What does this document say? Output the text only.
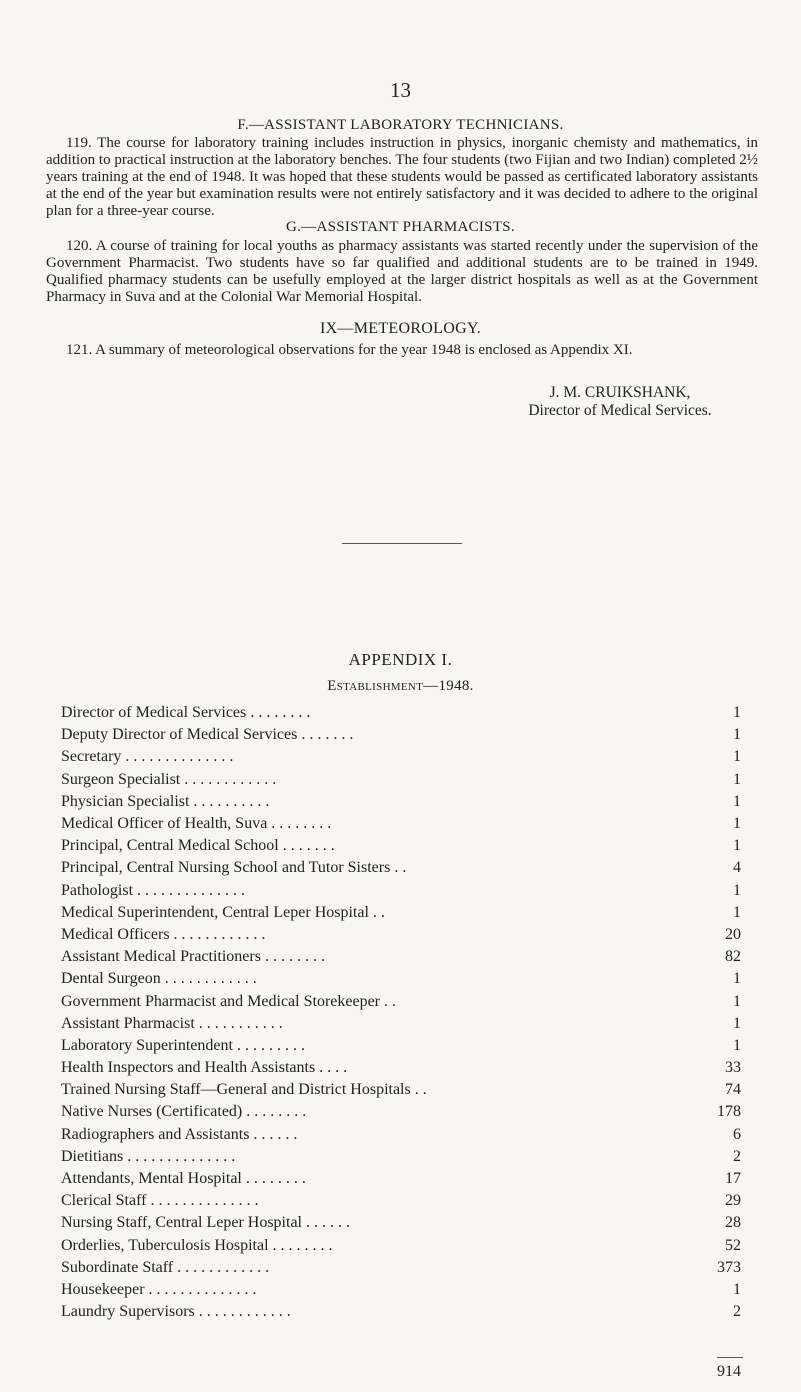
13
F.—ASSISTANT LABORATORY TECHNICIANS.

119. The course for laboratory training includes instruction in physics, inorganic chemisty and mathematics, in addition to practical instruction at the laboratory benches. The four students (two Fijian and two Indian) completed 2½ years training at the end of 1948. It was hoped that these students would be passed as certificated laboratory assistants at the end of the year but examination results were not entirely satisfactory and it was decided to adhere to the original plan for a three-year course.

G.—ASSISTANT PHARMACISTS.

120. A course of training for local youths as pharmacy assistants was started recently under the supervision of the Government Pharmacist. Two students have so far qualified and additional students are to be trained in 1949. Qualified pharmacy students can be usefully employed at the larger district hospitals as well as at the Government Pharmacy in Suva and at the Colonial War Memorial Hospital.

IX—METEOROLOGY.

121. A summary of meteorological observations for the year 1948 is enclosed as Appendix XI.

J. M. CRUIKSHANK,
Director of Medical Services.
APPENDIX I.
Establishment—1948.
Director of Medical Services . . . . . . . .	1
Deputy Director of Medical Services . . . . . . .	1
Secretary . . . . . . . . . . . . . .	1
Surgeon Specialist . . . . . . . . . . . .	1
Physician Specialist . . . . . . . . . .	1
Medical Officer of Health, Suva . . . . . . . .	1
Principal, Central Medical School . . . . . . .	1
Principal, Central Nursing School and Tutor Sisters . .	4
Pathologist . . . . . . . . . . . . . .	1
Medical Superintendent, Central Leper Hospital . .	1
Medical Officers . . . . . . . . . . . .	20
Assistant Medical Practitioners . . . . . . . .	82
Dental Surgeon . . . . . . . . . . . .	1
Government Pharmacist and Medical Storekeeper . .	1
Assistant Pharmacist . . . . . . . . . . .	1
Laboratory Superintendent . . . . . . . . .	1
Health Inspectors and Health Assistants . . . .	33
Trained Nursing Staff—General and District Hospitals . .	74
Native Nurses (Certificated) . . . . . . . .	178
Radiographers and Assistants . . . . . .	6
Dietitians . . . . . . . . . . . . . .	2
Attendants, Mental Hospital . . . . . . . .	17
Clerical Staff . . . . . . . . . . . . . .	29
Nursing Staff, Central Leper Hospital . . . . . .	28
Orderlies, Tuberculosis Hospital . . . . . . . .	52
Subordinate Staff . . . . . . . . . . . .	373
Housekeeper . . . . . . . . . . . . . .	1
Laundry Supervisors . . . . . . . . . . . .	2
914
